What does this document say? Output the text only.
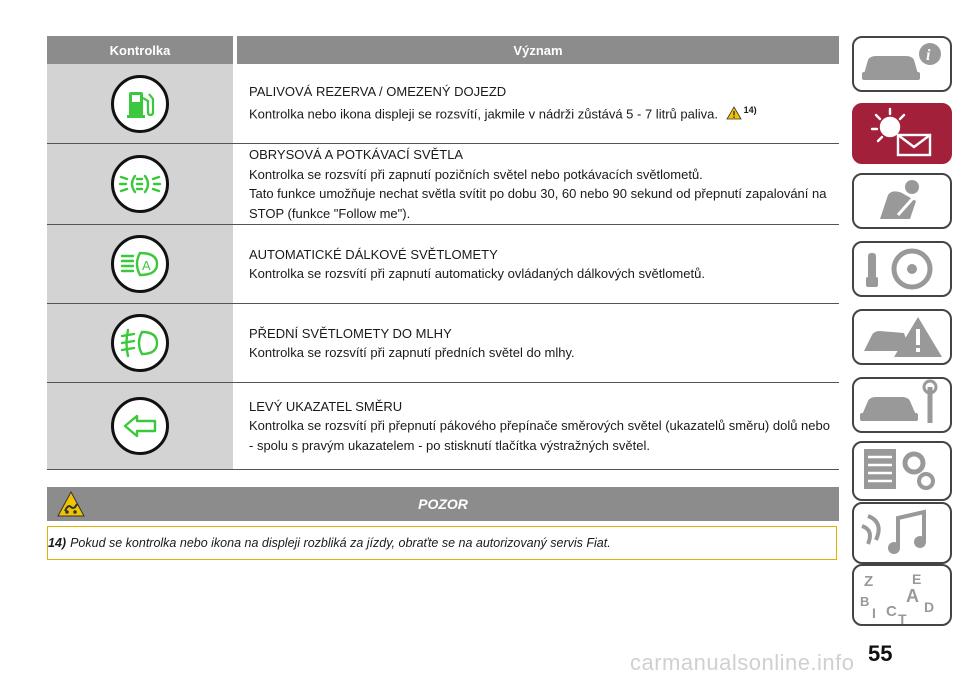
Kontrolka	Význam
PALIVOVÁ REZERVA / OMEZENÝ DOJEZD
Kontrolka nebo ikona displeji se rozsvítí, jakmile v nádrži zůstává 5 - 7 litrů paliva.	$^{14)}$
OBRYSOVÁ A POTKÁVACÍ SVĚTLA
Kontrolka se rozsvítí při zapnutí pozičních světel nebo potkávacích světlometů.
Tato funkce umožňuje nechat světla svítit po dobu 30, 60 nebo 90 sekund od přepnutí zapalování na STOP (funkce "Follow me").
A
AUTOMATICKÉ DÁLKOVÉ SVĚTLOMETY
Kontrolka se rozsvítí při zapnutí automaticky ovládaných dálkových světlometů.
PŘEDNÍ SVĚTLOMETY DO MLHY
Kontrolka se rozsvítí při zapnutí předních světel do mlhy.
LEVÝ UKAZATEL SMĚRU
Kontrolka se rozsvítí při přepnutí pákového přepínače směrových světel (ukazatelů směru) dolů nebo - spolu s pravým ukazatelem - po stisknutí tlačítka výstražných světel.
POZOR
14) Pokud se kontrolka nebo ikona na displeji rozbliká za jízdy, obraťte se na autorizovaný servis Fiat.
i
Z	E
B A
I C T
D
55
carmanualsonline.info
